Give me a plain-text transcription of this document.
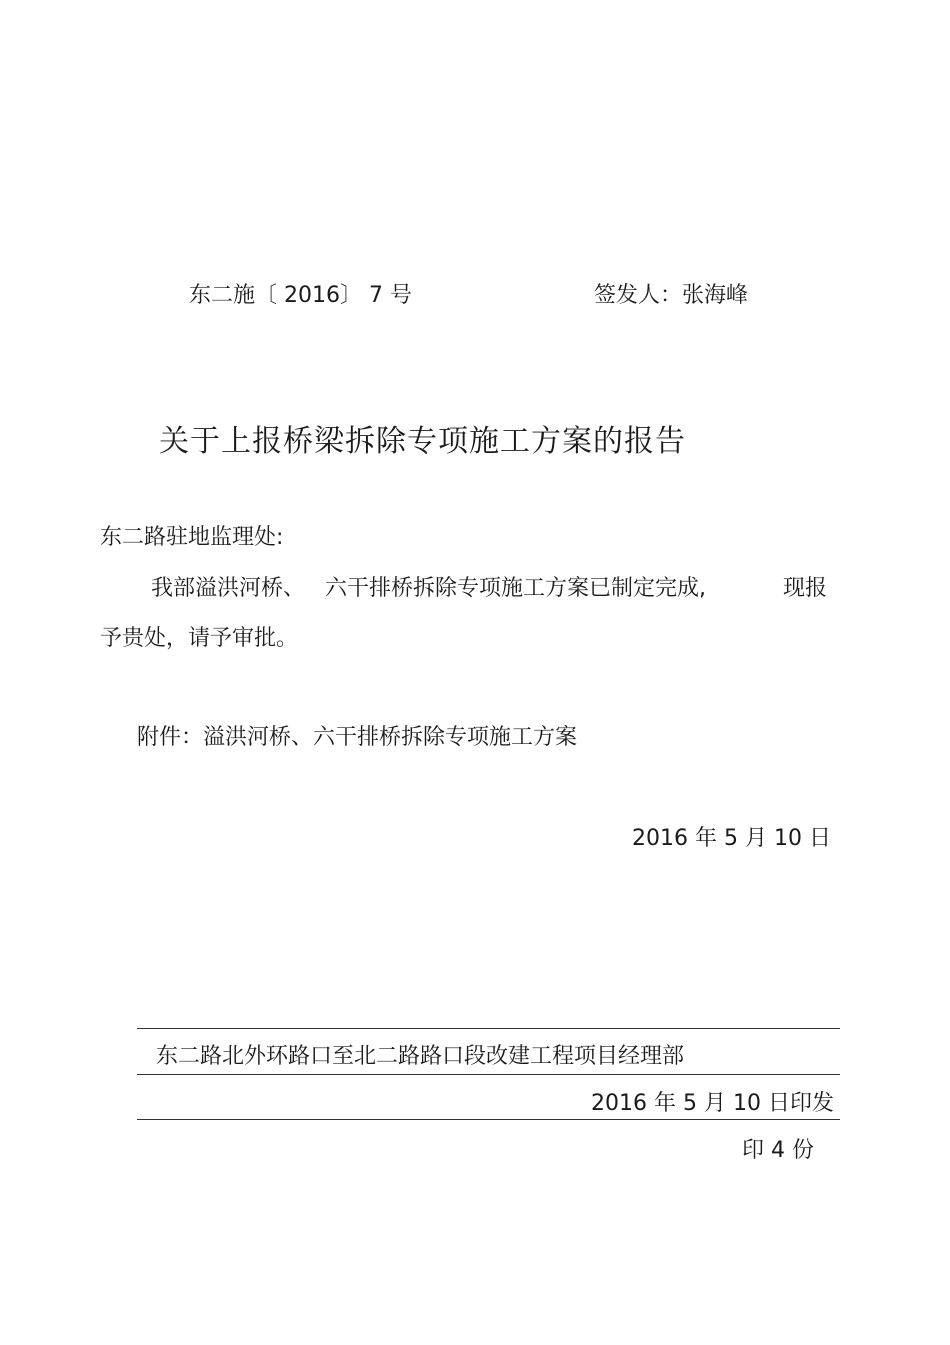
东二施〔 2016〕 7 号	签发人：张海峰
关于上报桥梁拆除专项施工方案的报告
东二路驻地监理处:
我部溢洪河桥、 六干排桥拆除专项施工方案已制定完成,	现报
予贵处，请予审批。
附件：溢洪河桥、六干排桥拆除专项施工方案
2016 年 5 月 10 日
东二路北外环路口至北二路路口段改建工程项目经理部
2016 年 5 月 10 日印发
印 4 份
